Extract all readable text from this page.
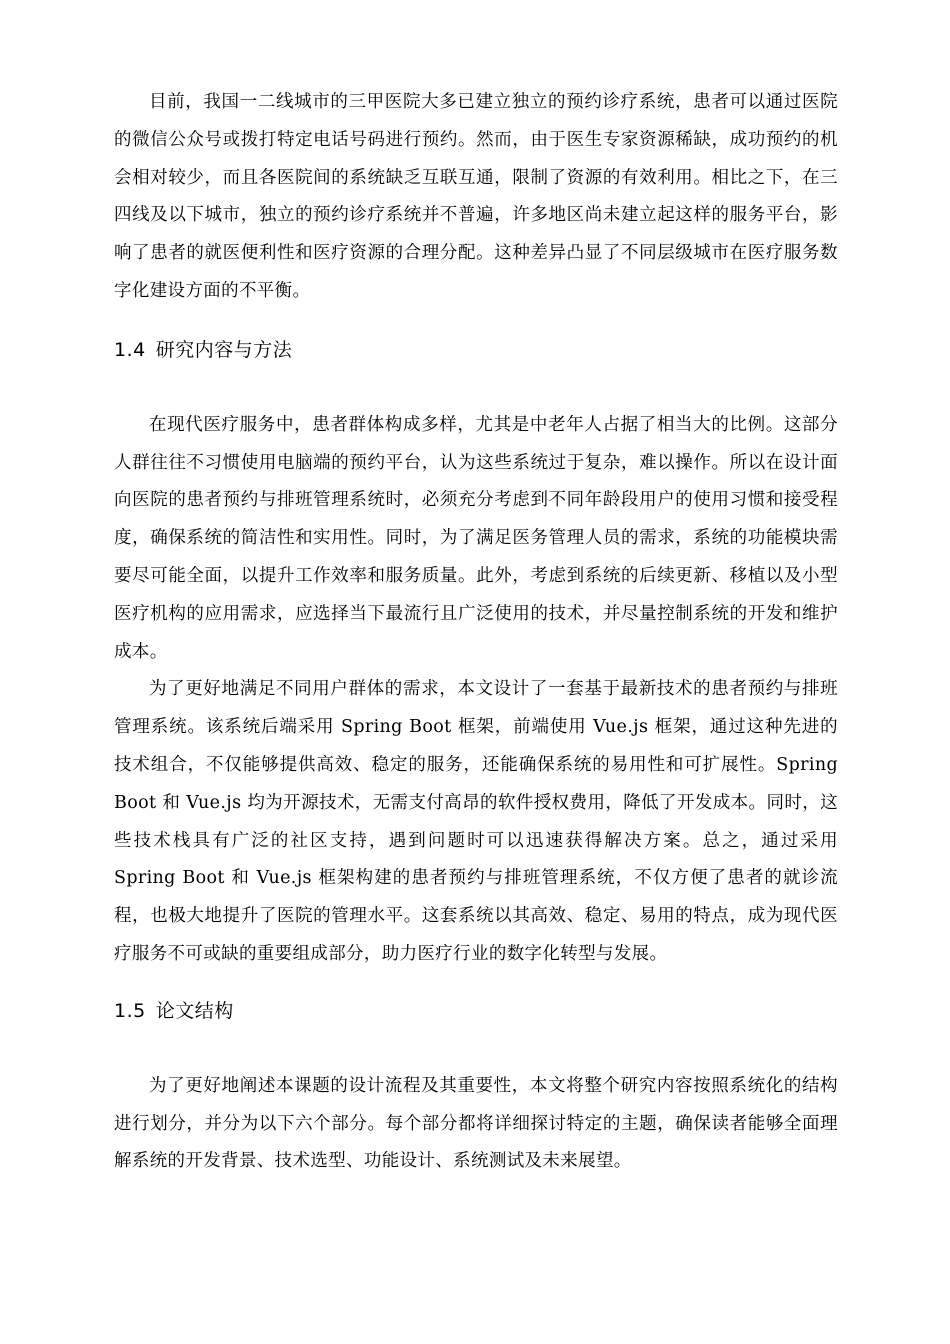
目前，我国一二线城市的三甲医院大多已建立独立的预约诊疗系统，患者可以通过医院的微信公众号或拨打特定电话号码进行预约。然而，由于医生专家资源稀缺，成功预约的机会相对较少，而且各医院间的系统缺乏互联互通，限制了资源的有效利用。相比之下，在三四线及以下城市，独立的预约诊疗系统并不普遍，许多地区尚未建立起这样的服务平台，影响了患者的就医便利性和医疗资源的合理分配。这种差异凸显了不同层级城市在医疗服务数字化建设方面的不平衡。

1.4 研究内容与方法

在现代医疗服务中，患者群体构成多样，尤其是中老年人占据了相当大的比例。这部分人群往往不习惯使用电脑端的预约平台，认为这些系统过于复杂，难以操作。所以在设计面向医院的患者预约与排班管理系统时，必须充分考虑到不同年龄段用户的使用习惯和接受程度，确保系统的简洁性和实用性。同时，为了满足医务管理人员的需求，系统的功能模块需要尽可能全面，以提升工作效率和服务质量。此外，考虑到系统的后续更新、移植以及小型医疗机构的应用需求，应选择当下最流行且广泛使用的技术，并尽量控制系统的开发和维护成本。

为了更好地满足不同用户群体的需求，本文设计了一套基于最新技术的患者预约与排班管理系统。该系统后端采用 Spring Boot 框架，前端使用 Vue.js 框架，通过这种先进的技术组合，不仅能够提供高效、稳定的服务，还能确保系统的易用性和可扩展性。Spring Boot 和 Vue.js 均为开源技术，无需支付高昂的软件授权费用，降低了开发成本。同时，这些技术栈具有广泛的社区支持，遇到问题时可以迅速获得解决方案。总之，通过采用 Spring Boot 和 Vue.js 框架构建的患者预约与排班管理系统，不仅方便了患者的就诊流程，也极大地提升了医院的管理水平。这套系统以其高效、稳定、易用的特点，成为现代医疗服务不可或缺的重要组成部分，助力医疗行业的数字化转型与发展。

1.5 论文结构

为了更好地阐述本课题的设计流程及其重要性，本文将整个研究内容按照系统化的结构进行划分，并分为以下六个部分。每个部分都将详细探讨特定的主题，确保读者能够全面理解系统的开发背景、技术选型、功能设计、系统测试及未来展望。
